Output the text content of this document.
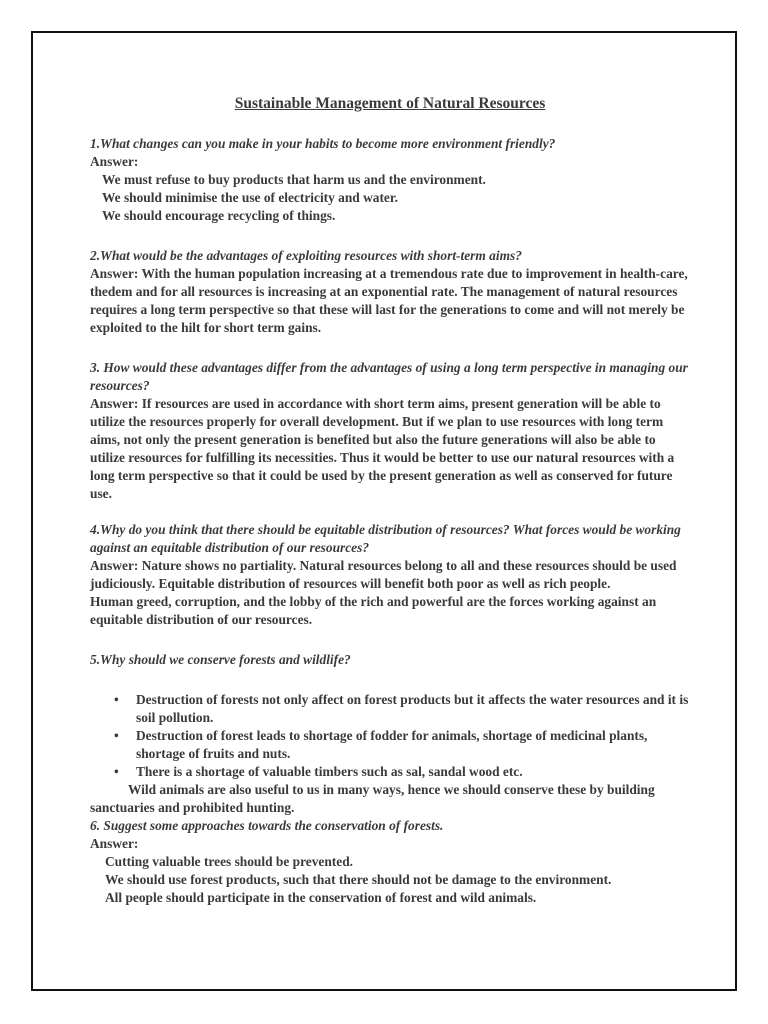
Sustainable Management of Natural Resources

1.What changes can you make in your habits to become more environment friendly?

Answer:

We must refuse to buy products that harm us and the environment.

We should minimise the use of electricity and water.

We should encourage recycling of things.

2.What would be the advantages of exploiting resources with short-term aims?

Answer: With the human population increasing at a tremendous rate due to improvement in health-care, thedem and for all resources is increasing at an exponential rate. The management of natural resources requires a long term perspective so that these will last for the generations to come and will not merely be exploited to the hilt for short term gains.

3. How would these advantages differ from the advantages of using a long term perspective in managing our resources?

Answer: If resources are used in accordance with short term aims, present generation will be able to utilize the resources properly for overall development. But if we plan to use resources with long term aims, not only the present generation is benefited but also the future generations will also be able to utilize resources for fulfilling its necessities. Thus it would be better to use our natural resources with a long term perspective so that it could be used by the present generation as well as conserved for future use.

4.Why do you think that there should be equitable distribution of resources? What forces would be working against an equitable distribution of our resources?

Answer: Nature shows no partiality. Natural resources belong to all and these resources should be used judiciously. Equitable distribution of resources will benefit both poor as well as rich people.

Human greed, corruption, and the lobby of the rich and powerful are the forces working against an equitable distribution of our resources.

5.Why should we conserve forests and wildlife?

• Destruction of forests not only affect on forest products but it affects the water resources and it is soil pollution.
• Destruction of forest leads to shortage of fodder for animals, shortage of medicinal plants, shortage of fruits and nuts.
• There is a shortage of valuable timbers such as sal, sandal wood etc.

Wild animals are also useful to us in many ways, hence we should conserve these by building sanctuaries and prohibited hunting.

6. Suggest some approaches towards the conservation of forests.

Answer:

Cutting valuable trees should be prevented.

We should use forest products, such that there should not be damage to the environment.

All people should participate in the conservation of forest and wild animals.
